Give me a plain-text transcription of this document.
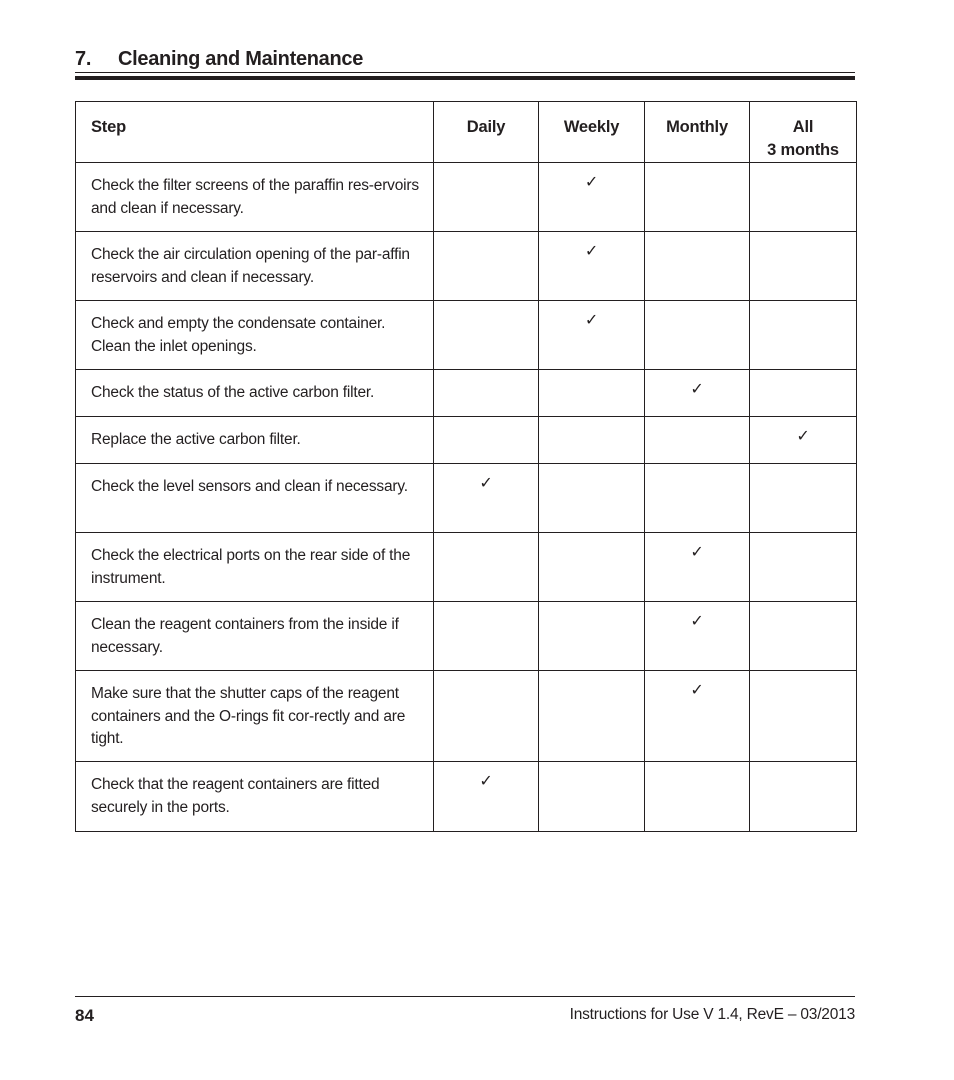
7.	Cleaning and Maintenance
Step	Daily	Weekly	Monthly	All
3 months
Check the filter screens of the paraffin res-ervoirs and clean if necessary.		✓		
Check the air circulation opening of the par-affin reservoirs and clean if necessary.		✓		
Check and empty the condensate container. Clean the inlet openings.		✓		
Check the status of the active carbon filter.			✓	
Replace the active carbon filter.				✓
Check the level sensors and clean if necessary.	✓			
Check the electrical ports on the rear side of the instrument.			✓	
Clean the reagent containers from the inside if necessary.			✓	
Make sure that the shutter caps of the reagent containers and the O-rings fit cor-rectly and are tight.			✓	
Check that the reagent containers are fitted securely in the ports.	✓			
84	Instructions for Use V 1.4, RevE – 03/2013
